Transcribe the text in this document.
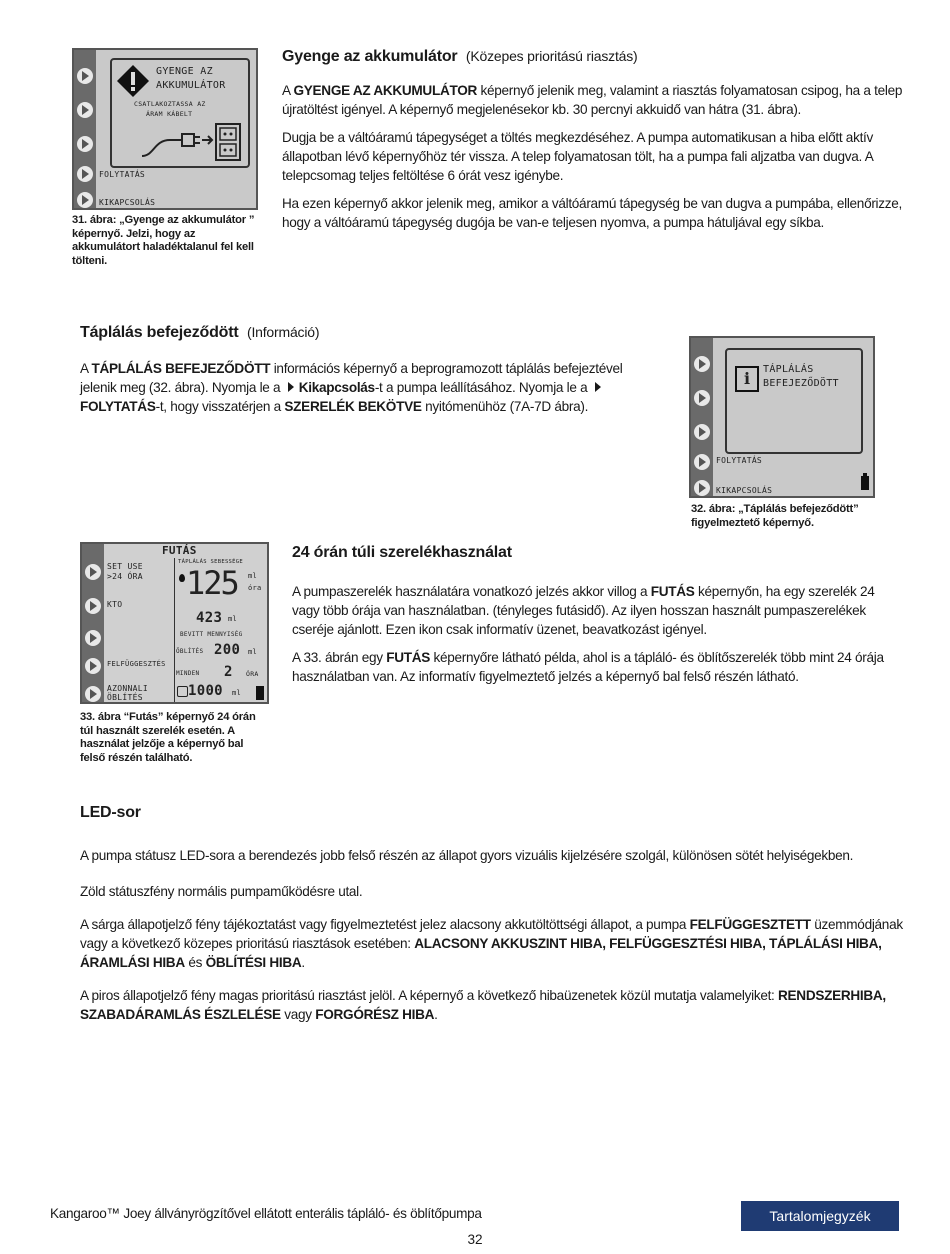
GYENGE AZ
AKKUMULÁTOR
CSATLAKOZTASSA AZ
ÁRAM KÁBELT
FOLYTATÁS
KIKAPCSOLÁS
31. ábra: „Gyenge az akkumulátor ” képernyő. Jelzi, hogy az akkumulátort haladéktalanul fel kell tölteni.
Gyenge az akkumulátor (Közepes prioritású riasztás)

A GYENGE AZ AKKUMULÁTOR képernyő jelenik meg, valamint a riasztás folyamatosan csipog, ha a telep újratöltést igényel. A képernyő megjelenésekor kb. 30 percnyi akkuidő van hátra (31. ábra).

Dugja be a váltóáramú tápegységet a töltés megkezdéséhez. A pumpa automatikusan a hiba előtt aktív állapotban lévő képernyőhöz tér vissza. A telep folyamatosan tölt, ha a pumpa fali aljzatba van dugva. A telepcsomag teljes feltöltése 6 órát vesz igénybe.

Ha ezen képernyő akkor jelenik meg, amikor a váltóáramú tápegység be van dugva a pumpába, ellenőrizze, hogy a váltóáramú tápegység dugója be van-e teljesen nyomva, a pumpa hátuljával egy síkba.

Táplálás befejeződött (Információ)

A TÁPLÁLÁS BEFEJEZŐDÖTT információs képernyő a beprogramozott táplálás befejeztével jelenik meg (32. ábra). Nyomja le a Kikapcsolás-t a pumpa leállításához. Nyomja le a FOLYTATÁS-t, hogy visszatérjen a SZERELÉK BEKÖTVE nyitómenühöz (7A-7D ábra).

i	TÁPLÁLÁS
BEFEJEZŐDÖTT
FOLYTATÁS
KIKAPCSOLÁS
32. ábra: „Táplálás befejeződött” figyelmeztető képernyő.
FUTÁS
SET USE
>24 ÓRA
KTO
FELFÜGGESZTÉS
AZONNALI
ÖBLÍTÉS
TÁPLÁLÁS SEBESSÉGE
125 ml
óra
423 ml
BEVITT MENNYISÉG
ÖBLÍTÉS 200 ml
MINDEN 2 ÓRA
1000 ml
33. ábra “Futás” képernyő 24 órán túl használt szerelék esetén. A használat jelzője a képernyő bal felső részén található.
24 órán túli szerelékhasználat

A pumpaszerelék használatára vonatkozó jelzés akkor villog a FUTÁS képernyőn, ha egy szerelék 24 vagy több órája van használatban. (tényleges futásidő). Az ilyen hosszan használt pumpaszerelékek cseréje ajánlott. Ezen ikon csak informatív üzenet, beavatkozást igényel.

A 33. ábrán egy FUTÁS képernyőre látható példa, ahol is a tápláló- és öblítőszerelék több mint 24 órája használatban van. Az informatív figyelmeztető jelzés a képernyő bal felső részén látható.

LED-sor

A pumpa státusz LED-sora a berendezés jobb felső részén az állapot gyors vizuális kijelzésére szolgál, különösen sötét helyiségekben.

Zöld státuszfény normális pumpaműködésre utal.

A sárga állapotjelző fény tájékoztatást vagy figyelmeztetést jelez alacsony akkutöltöttségi állapot, a pumpa FELFÜGGESZTETT üzemmódjának vagy a következő közepes prioritású riasztások esetében: ALACSONY AKKUSZINT HIBA, FELFÜGGESZTÉSI HIBA, TÁPLÁLÁSI HIBA, ÁRAMLÁSI HIBA és ÖBLÍTÉSI HIBA.

A piros állapotjelző fény magas prioritású riasztást jelöl. A képernyő a következő hibaüzenetek közül mutatja valamelyiket: RENDSZERHIBA, SZABADÁRAMLÁS ÉSZLELÉSE vagy FORGÓRÉSZ HIBA.

Kangaroo™ Joey állványrögzítővel ellátott enterális tápláló- és öblítőpumpa	Tartalomjegyzék
32
